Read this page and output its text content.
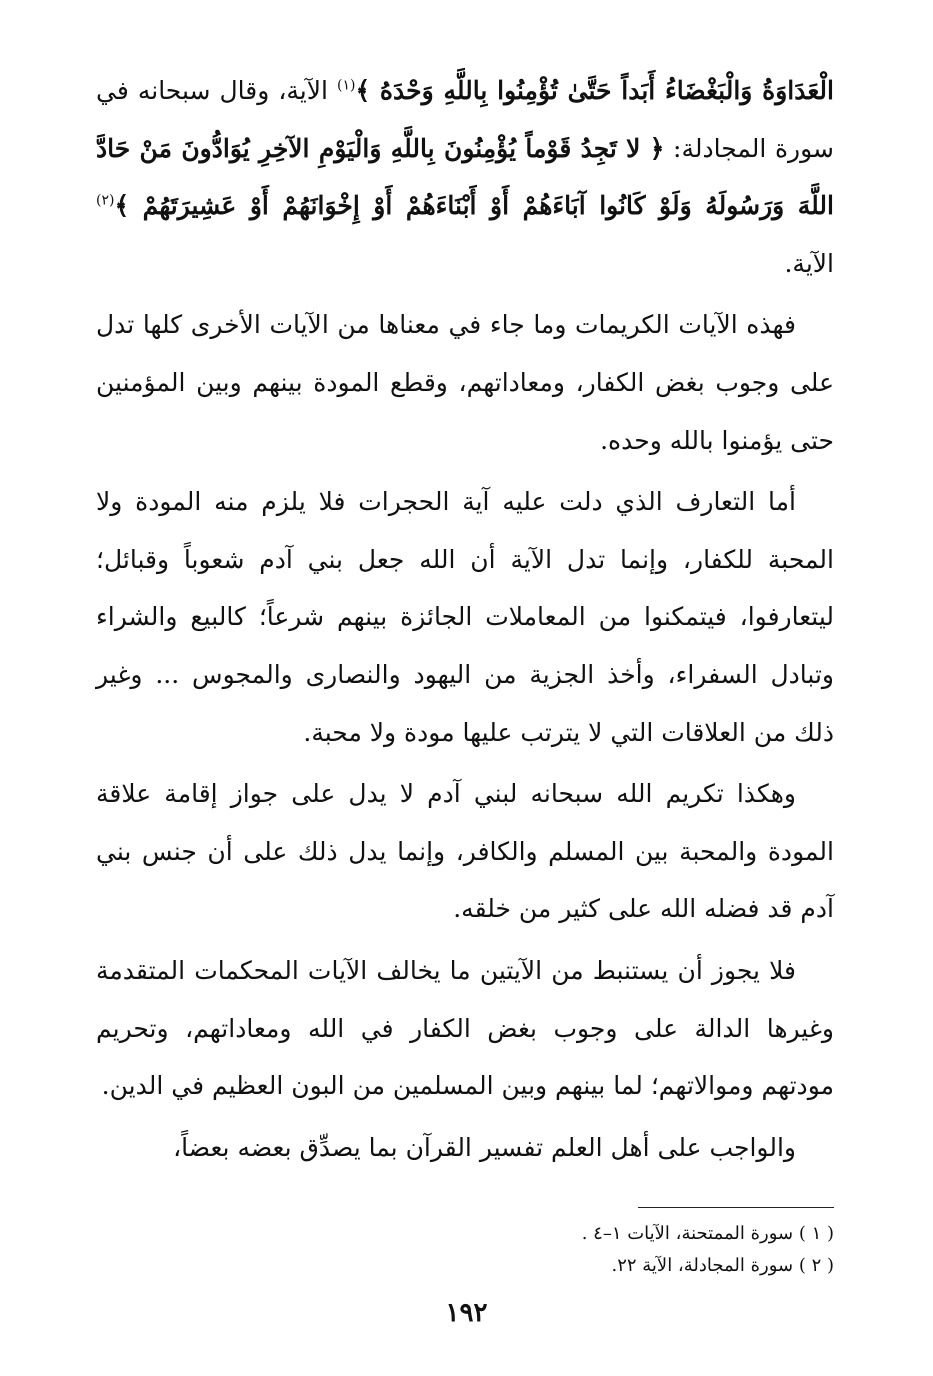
الْعَدَاوَةُ وَالْبَغْضَاءُ أَبَداً حَتَّىٰ تُؤْمِنُوا بِاللَّهِ وَحْدَهُ ﴾$^{(١)}$ الآية، وقال سبحانه في سورة المجادلة: ﴿ لا تَجِدُ قَوْماً يُؤْمِنُونَ بِاللَّهِ وَالْيَوْمِ الآخِرِ يُوَادُّونَ مَنْ حَادَّ اللَّهَ وَرَسُولَهُ وَلَوْ كَانُوا آبَاءَهُمْ أَوْ أَبْنَاءَهُمْ أَوْ إِخْوَانَهُمْ أَوْ عَشِيرَتَهُمْ ﴾$^{(٢)}$ الآية.

فهذه الآيات الكريمات وما جاء في معناها من الآيات الأخرى كلها تدل على وجوب بغض الكفار، ومعاداتهم، وقطع المودة بينهم وبين المؤمنين حتى يؤمنوا بالله وحده.

أما التعارف الذي دلت عليه آية الحجرات فلا يلزم منه المودة ولا المحبة للكفار، وإنما تدل الآية أن الله جعل بني آدم شعوباً وقبائل؛ ليتعارفوا، فيتمكنوا من المعاملات الجائزة بينهم شرعاً؛ كالبيع والشراء وتبادل السفراء، وأخذ الجزية من اليهود والنصارى والمجوس ... وغير ذلك من العلاقات التي لا يترتب عليها مودة ولا محبة.

وهكذا تكريم الله سبحانه لبني آدم لا يدل على جواز إقامة علاقة المودة والمحبة بين المسلم والكافر، وإنما يدل ذلك على أن جنس بني آدم قد فضله الله على كثير من خلقه.

فلا يجوز أن يستنبط من الآيتين ما يخالف الآيات المحكمات المتقدمة وغيرها الدالة على وجوب بغض الكفار في الله ومعاداتهم، وتحريم مودتهم وموالاتهم؛ لما بينهم وبين المسلمين من البون العظيم في الدين.

والواجب على أهل العلم تفسير القرآن بما يصدِّق بعضه بعضاً،

( ١ ) سورة الممتحنة، الآيات ١–٤ .

( ٢ ) سورة المجادلة، الآية ٢٢.

١٩٢
